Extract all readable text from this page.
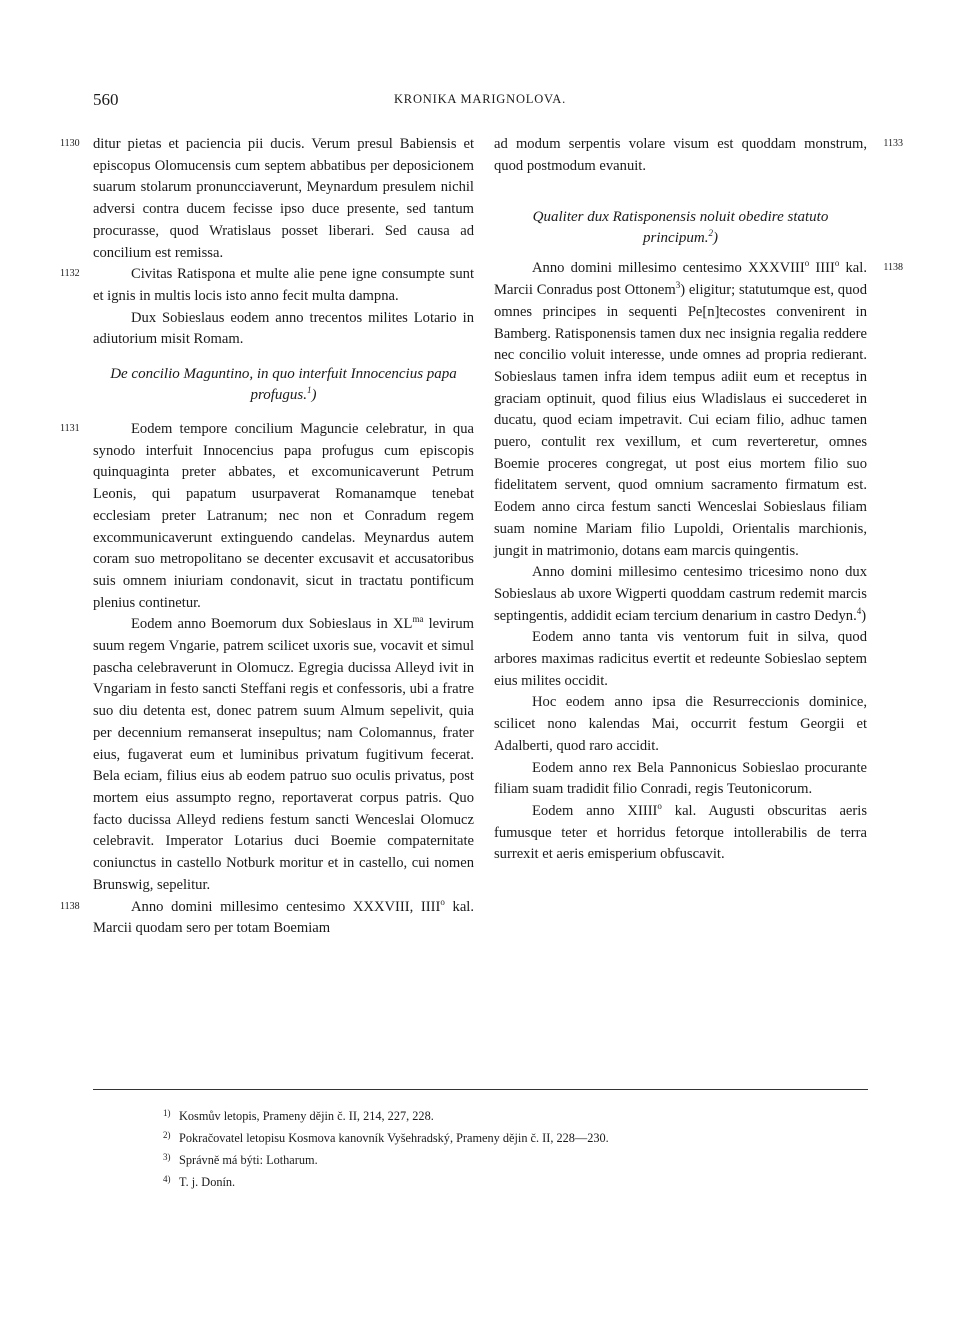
560	KRONIKA MARIGNOLOVA.
1130 ditur pietas et paciencia pii ducis. Verum presul Babiensis et episcopus Olomucensis cum septem abbatibus per deposicionem suarum stolarum pronuncciaverunt, Meynardum presulem nichil adversi contra ducem fecisse ipso duce presente, sed tantum procurasse, quod Wratislaus posset liberari. Sed causa ad concilium est remissa.

1132	Civitas Ratispona et multe alie pene igne consumpte sunt et ignis in multis locis isto anno fecit multa dampna.

Dux Sobieslaus eodem anno trecentos milites Lotario in adiutorium misit Romam.

De concilio Maguntino, in quo interfuit Innocencius papa profugus.$^1$)
1131	Eodem tempore concilium Maguncie celebratur, in qua synodo interfuit Innocencius papa profugus cum episcopis quinquaginta preter abbates, et excomunicaverunt Petrum Leonis, qui papatum usurpaverat Romanamque tenebat ecclesiam preter Latranum; nec non et Conradum regem excommunicaverunt extinguendo candelas. Meynardus autem coram suo metropolitano se decenter excusavit et accusatoribus suis omnem iniuriam condonavit, sicut in tractatu pontificum plenius continetur.

Eodem anno Boemorum dux Sobieslaus in $XL^{ma}$ levirum suum regem Vngarie, patrem scilicet uxoris sue, vocavit et simul pascha celebraverunt in Olomucz. Egregia ducissa Alleyd ivit in Vngariam in festo sancti Steffani regis et confessoris, ubi a fratre suo diu detenta est, donec patrem suum Almum sepelivit, quia per decennium remanserat insepultus; nam Colomannus, frater eius, fugaverat eum et luminibus privatum fugitivum fecerat. Bela eciam, filius eius ab eodem patruo suo oculis privatus, post mortem eius assumpto regno, reportaverat corpus patris. Quo facto ducissa Alleyd rediens festum sancti Wenceslai Olomucz celebravit. Imperator Lotarius duci Boemie compaternitate coniunctus in castello Notburk moritur et in castello, cui nomen Brunswig, sepelitur.

1138	Anno domini millesimo centesimo XXXVIII, IIII$^o$ kal. Marcii quodam sero per totam Boemiam

1133

ad modum serpentis volare visum est quoddam monstrum, quod postmodum evanuit.

Qualiter dux Ratisponensis noluit obedire statuto principum.$^2$)
1138

Anno domini millesimo centesimo XXXVIII$^o$ IIII$^o$ kal. Marcii Conradus post Ottonem$^3$) eligitur; statutumque est, quod omnes principes in sequenti Pe[n]tecostes convenirent in Bamberg. Ratisponensis tamen dux nec insignia regalia reddere nec concilio voluit interesse, unde omnes ad propria redierant. Sobieslaus tamen infra idem tempus adiit eum et receptus in graciam optinuit, quod filius eius Wladislaus ei succederet in ducatu, quod eciam impetravit. Cui eciam filio, adhuc tamen puero, contulit rex vexillum, et cum reverteretur, omnes Boemie proceres congregat, ut post eius mortem filio suo fidelitatem servent, quod omnium sacramento firmatum est. Eodem anno circa festum sancti Wenceslai Sobieslaus filiam suam nomine Mariam filio Lupoldi, Orientalis marchionis, jungit in matrimonio, dotans eam marcis quingentis.

Anno domini millesimo centesimo tricesimo nono dux Sobieslaus ab uxore Wigperti quoddam castrum redemit marcis septingentis, addidit eciam tercium denarium in castro Dedyn.$^4$)

Eodem anno tanta vis ventorum fuit in silva, quod arbores maximas radicitus evertit et redeunte Sobieslao septem eius milites occidit.

Hoc eodem anno ipsa die Resurreccionis dominice, scilicet nono kalendas Mai, occurrit festum Georgii et Adalberti, quod raro accidit.

Eodem anno rex Bela Pannonicus Sobieslao procurante filiam suam tradidit filio Conradi, regis Teutonicorum.

Eodem anno XIIII$^o$ kal. Augusti obscuritas aeris fumusque teter et horridus fetorque intollerabilis de terra surrexit et aeris emisperium obfuscavit.

1) Kosmův letopis, Prameny dějin č. II, 214, 227, 228.
2) Pokračovatel letopisu Kosmova kanovník Vyšehradský, Prameny dějin č. II, 228—230.
3) Správně má býti: Lotharum.
4) T. j. Donín.
